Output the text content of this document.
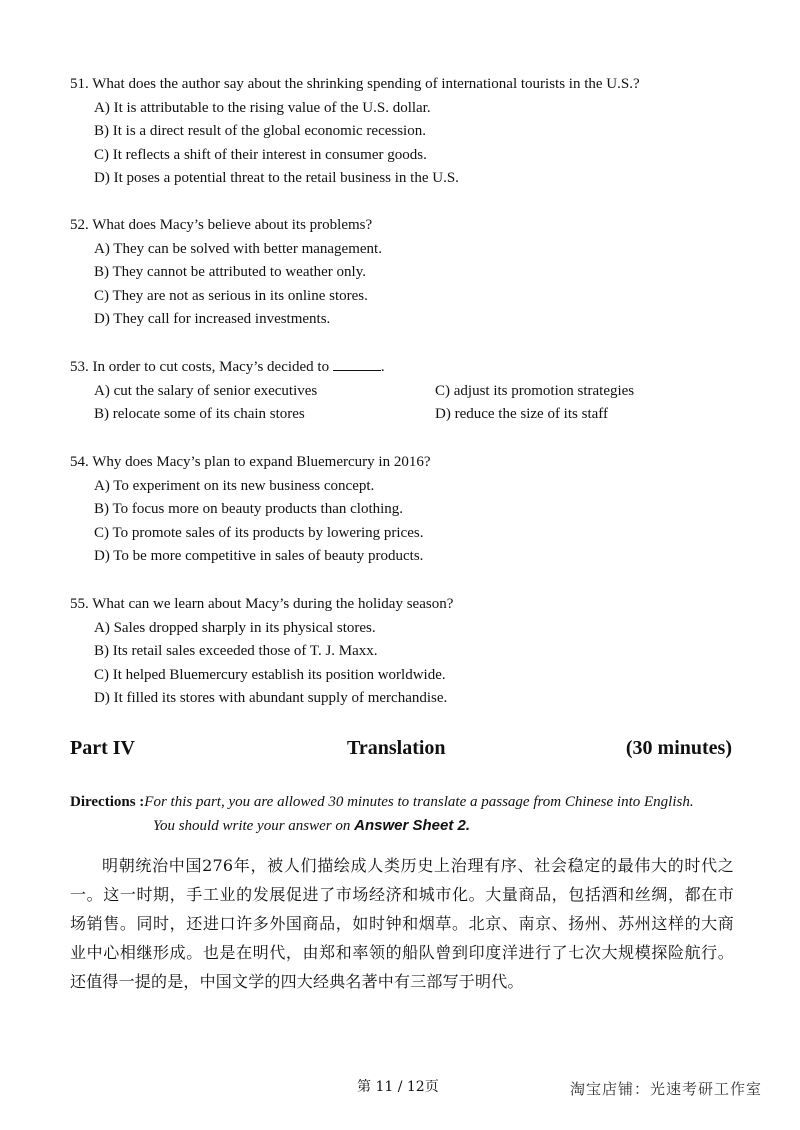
51. What does the author say about the shrinking spending of international tourists in the U.S.?
A) It is attributable to the rising value of the U.S. dollar.
B) It is a direct result of the global economic recession.
C) It reflects a shift of their interest in consumer goods.
D) It poses a potential threat to the retail business in the U.S.
52. What does Macy’s believe about its problems?
A) They can be solved with better management.
B) They cannot be attributed to weather only.
C) They are not as serious in its online stores.
D) They call for increased investments.
53. In order to cut costs, Macy’s decided to	.
A) cut the salary of senior executives	C) adjust its promotion strategies
B) relocate some of its chain stores	D) reduce the size of its staff
54. Why does Macy’s plan to expand Bluemercury in 2016?
A) To experiment on its new business concept.
B) To focus more on beauty products than clothing.
C) To promote sales of its products by lowering prices.
D) To be more competitive in sales of beauty products.
55. What can we learn about Macy’s during the holiday season?
A) Sales dropped sharply in its physical stores.
B) Its retail sales exceeded those of T. J. Maxx.
C) It helped Bluemercury establish its position worldwide.
D) It filled its stores with abundant supply of merchandise.
Part IV	Translation	(30 minutes)
Directions :For this part, you are allowed 30 minutes to translate a passage from Chinese into English.
You should write your answer on Answer Sheet 2.
明朝统治中国276年，被人们描绘成人类历史上治理有序、社会稳定的最伟大的时代之一。这一时期，手工业的发展促进了市场经济和城市化。大量商品，包括酒和丝绸，都在市场销售。同时，还进口许多外国商品，如时钟和烟草。北京、南京、扬州、苏州这样的大商业中心相继形成。也是在明代，由郑和率领的船队曾到印度洋进行了七次大规模探险航行。还值得一提的是，中国文学的四大经典名著中有三部写于明代。
第 11 / 12页	淘宝店铺：光速考研工作室
